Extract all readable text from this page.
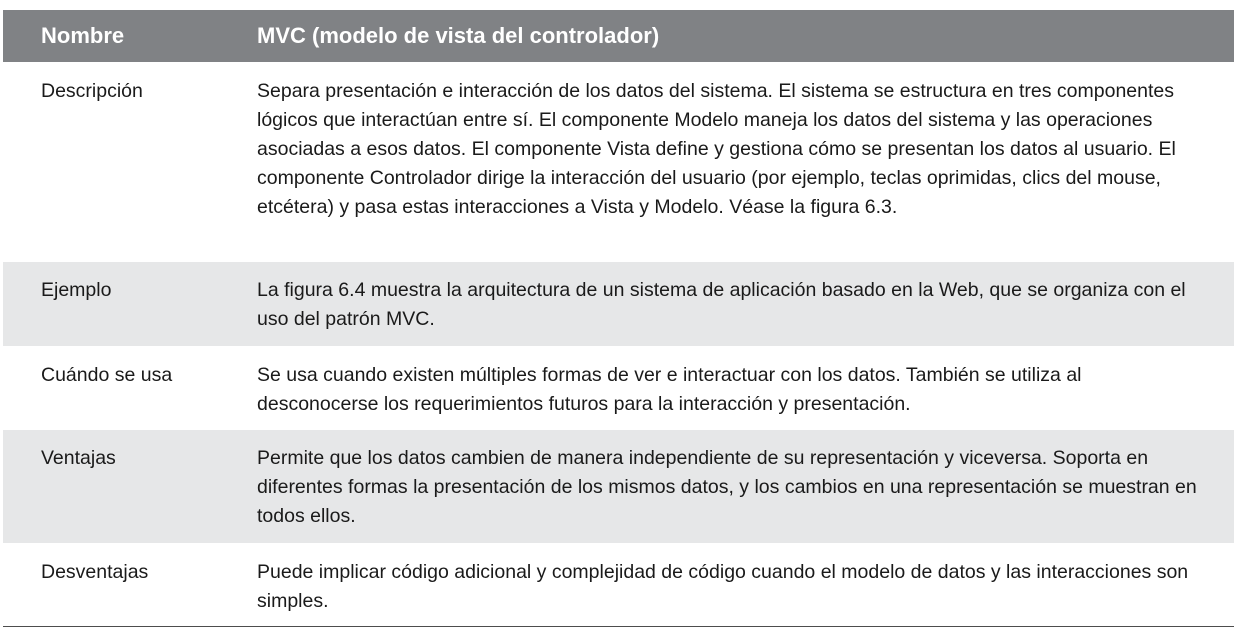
Nombre	MVC (modelo de vista del controlador)
Descripción	Separa presentación e interacción de los datos del sistema. El sistema se estructura en tres componentes lógicos que interactúan entre sí. El componente Modelo maneja los datos del sistema y las operaciones asociadas a esos datos. El componente Vista define y gestiona cómo se presentan los datos al usuario. El componente Controlador dirige la interacción del usuario (por ejemplo, teclas oprimidas, clics del mouse, etcétera) y pasa estas interacciones a Vista y Modelo. Véase la figura 6.3.
Ejemplo	La figura 6.4 muestra la arquitectura de un sistema de aplicación basado en la Web, que se organiza con el uso del patrón MVC.
Cuándo se usa	Se usa cuando existen múltiples formas de ver e interactuar con los datos. También se utiliza al desconocerse los requerimientos futuros para la interacción y presentación.
Ventajas	Permite que los datos cambien de manera independiente de su representación y viceversa. Soporta en diferentes formas la presentación de los mismos datos, y los cambios en una representación se muestran en todos ellos.
Desventajas	Puede implicar código adicional y complejidad de código cuando el modelo de datos y las interacciones son simples.
